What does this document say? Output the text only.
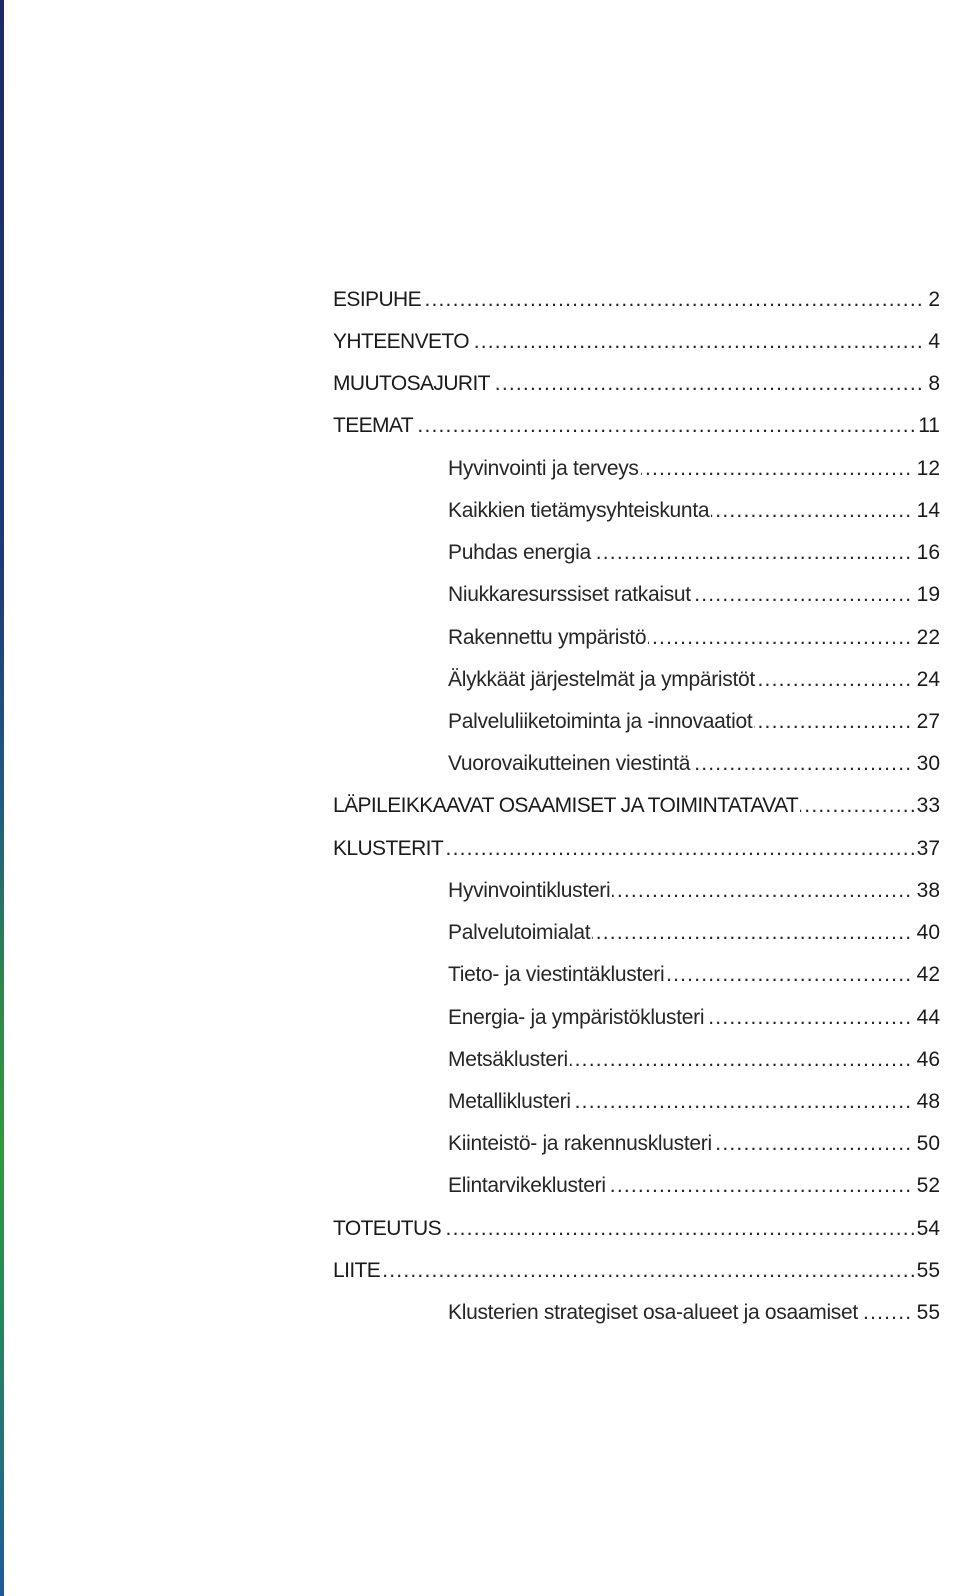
.....
ESIPUHE	2
.....
YHTEENVETO	4
.....
MUUTOSAJURIT	8
.....
TEEMAT	11
.....
Hyvinvointi ja terveys	12
.....
Kaikkien tietämysyhteiskunta	14
.....
Puhdas energia	16
.....
Niukkaresurssiset ratkaisut	19
.....
Rakennettu ympäristö	22
.....
Älykkäät järjestelmät ja ympäristöt	24
.....
Palveluliiketoiminta ja -innovaatiot	27
.....
Vuorovaikutteinen viestintä	30
.....
LÄPILEIKKAAVAT OSAAMISET JA TOIMINTATAVAT	33
.....
KLUSTERIT	37
.....
Hyvinvointiklusteri	38
.....
Palvelutoimialat	40
.....
Tieto- ja viestintäklusteri	42
.....
Energia- ja ympäristöklusteri	44
.....
Metsäklusteri	46
.....
Metalliklusteri	48
.....
Kiinteistö- ja rakennusklusteri	50
.....
Elintarvikeklusteri	52
.....
TOTEUTUS	54
.....
LIITE	55
.....
Klusterien strategiset osa-alueet ja osaamiset	55
